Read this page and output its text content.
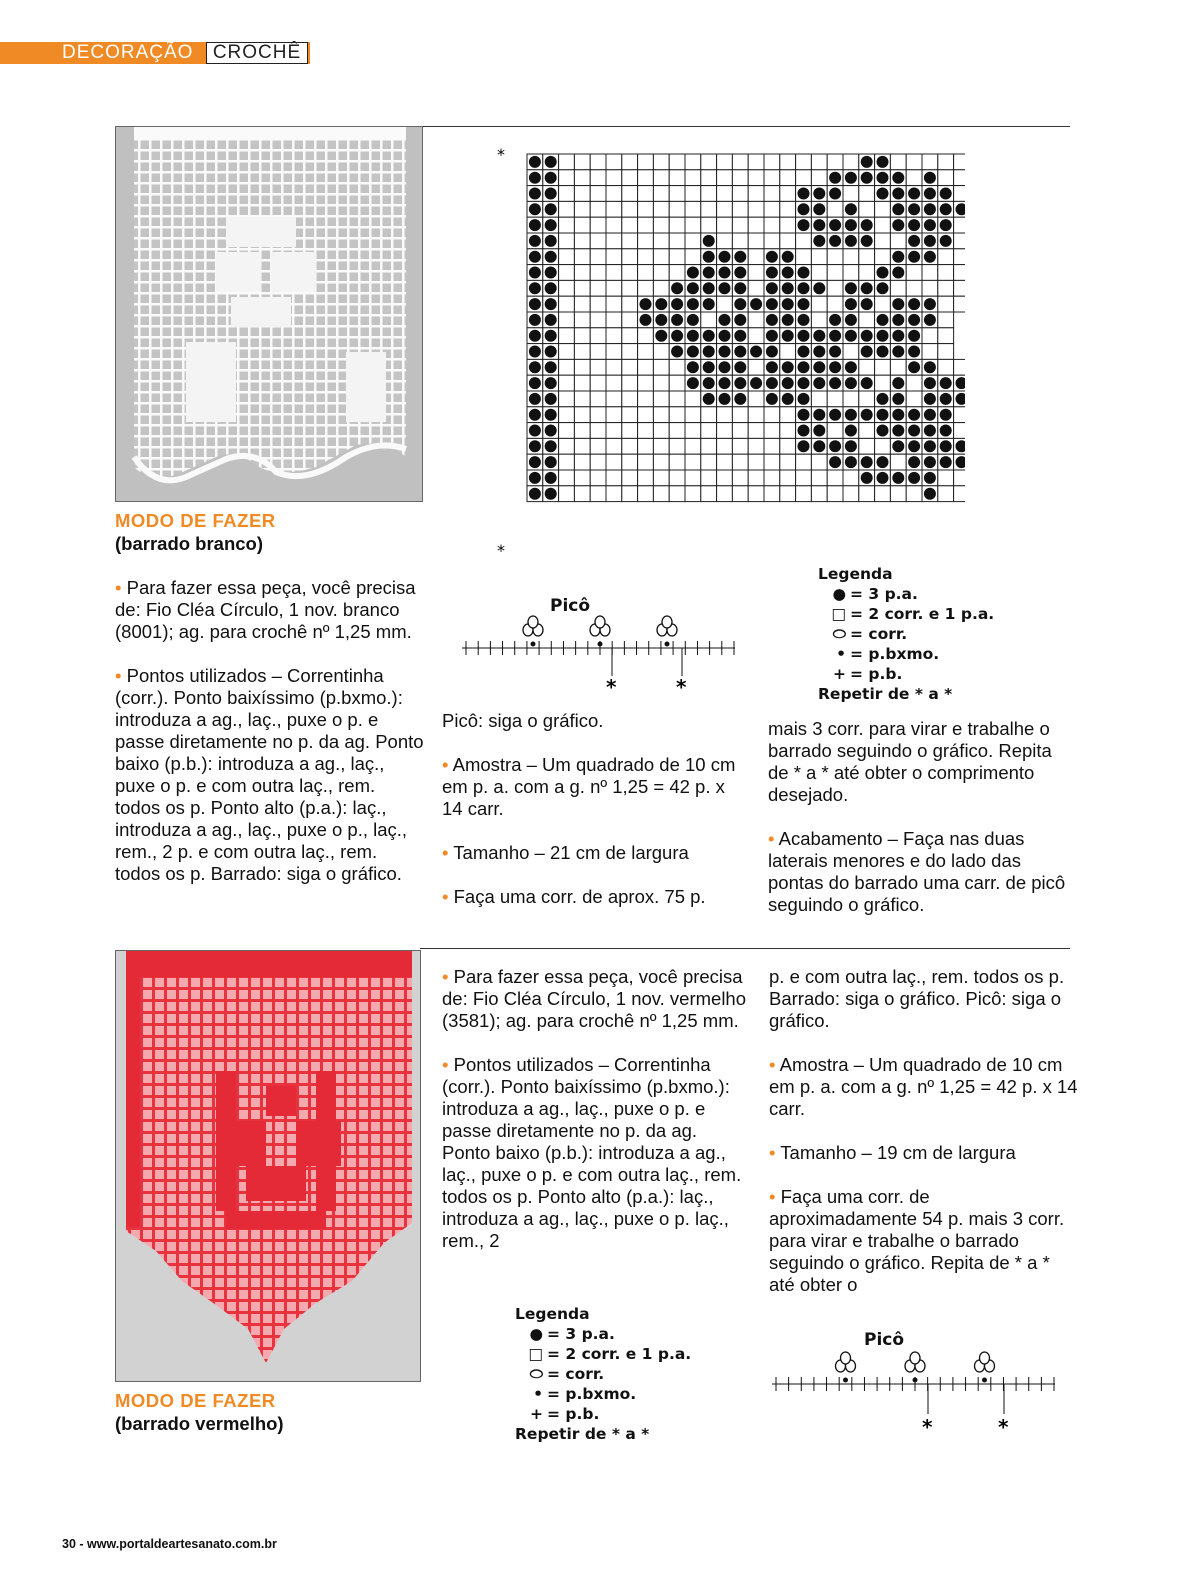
DECORAÇÃO	CROCHÊ
*
*
Legenda
● = 3 p.a.
□ = 2 corr. e 1 p.a.
⬭ = corr.
• = p.bxmo.
+ = p.b.
Repetir de * a *
Picô
*	*
MODO DE FAZER
(barrado branco)

• Para fazer essa peça, você precisa de: Fio Cléa Círculo, 1 nov. branco (8001); ag. para crochê nº 1,25 mm.

• Pontos utilizados – Correntinha (corr.). Ponto baixíssimo (p.bxmo.): introduza a ag., laç., puxe o p. e passe diretamente no p. da ag. Ponto baixo (p.b.): introduza a ag., laç., puxe o p. e com outra laç., rem. todos os p. Ponto alto (p.a.): laç., introduza a ag., laç., puxe o p., laç., rem., 2 p. e com outra laç., rem. todos os p. Barrado: siga o gráfico.

Picô: siga o gráfico.

• Amostra – Um quadrado de 10 cm em p. a. com a g. nº 1,25 = 42 p. x 14 carr.

• Tamanho – 21 cm de largura

• Faça uma corr. de aprox. 75 p.

mais 3 corr. para virar e trabalhe o barrado seguindo o gráfico. Repita de * a * até obter o comprimento desejado.

• Acabamento – Faça nas duas laterais menores e do lado das pontas do barrado uma carr. de picô seguindo o gráfico.

MODO DE FAZER
(barrado vermelho)

• Para fazer essa peça, você precisa de: Fio Cléa Círculo, 1 nov. vermelho (3581); ag. para crochê nº 1,25 mm.

• Pontos utilizados – Correntinha (corr.). Ponto baixíssimo (p.bxmo.): introduza a ag., laç., puxe o p. e passe diretamente no p. da ag. Ponto baixo (p.b.): introduza a ag., laç., puxe o p. e com outra laç., rem. todos os p. Ponto alto (p.a.): laç., introduza a ag., laç., puxe o p. laç., rem., 2

p. e com outra laç., rem. todos os p. Barrado: siga o gráfico. Picô: siga o gráfico.

• Amostra – Um quadrado de 10 cm em p. a. com a g. nº 1,25 = 42 p. x 14 carr.

• Tamanho – 19 cm de largura

• Faça uma corr. de aproximadamente 54 p. mais 3 corr. para virar e trabalhe o barrado seguindo o gráfico. Repita de * a * até obter o

Legenda
● = 3 p.a.
□ = 2 corr. e 1 p.a.
⬭ = corr.
• = p.bxmo.
+ = p.b.
Repetir de * a *
Picô
*	*
30 - www.portaldeartesanato.com.br
